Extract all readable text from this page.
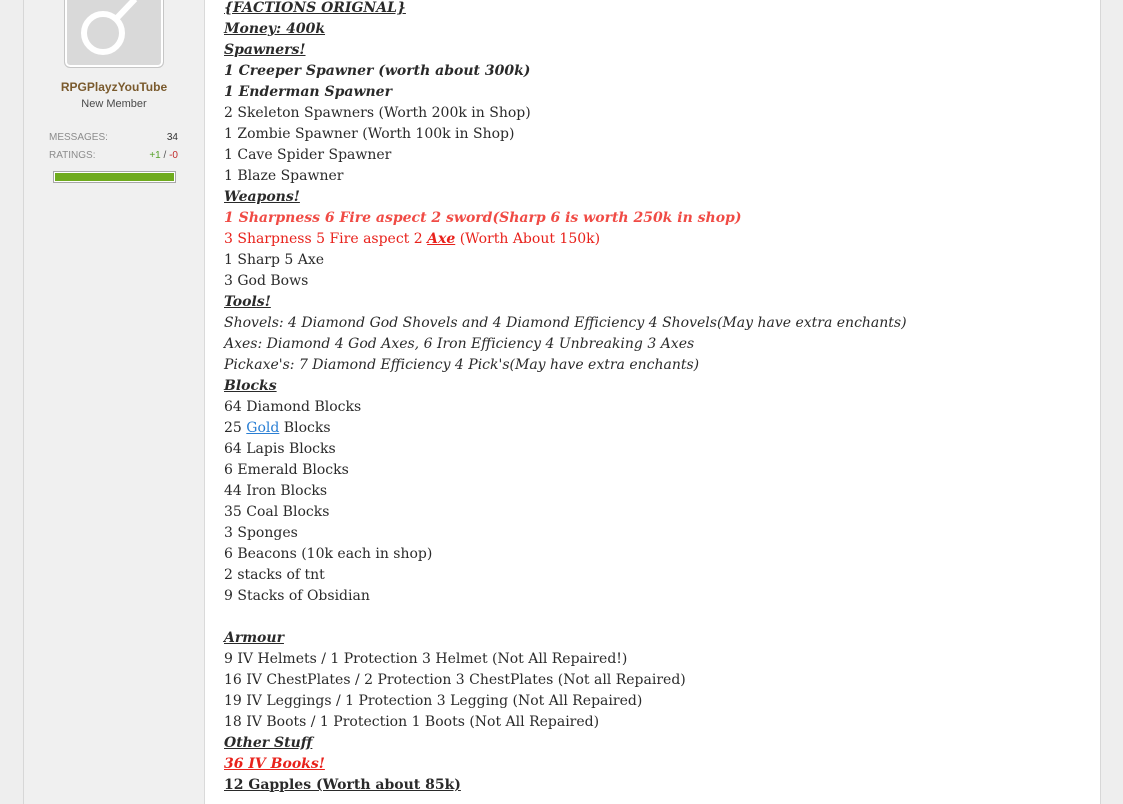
RPGPlayzYouTube
New Member
MESSAGES:	34
RATINGS:	+1 / -0
{FACTIONS ORIGNAL}
Money: 400k
Spawners!
1 Creeper Spawner (worth about 300k)
1 Enderman Spawner
2 Skeleton Spawners (Worth 200k in Shop)
1 Zombie Spawner (Worth 100k in Shop)
1 Cave Spider Spawner
1 Blaze Spawner
Weapons!
1 Sharpness 6 Fire aspect 2 sword(Sharp 6 is worth 250k in shop)
3 Sharpness 5 Fire aspect 2 Axe (Worth About 150k)
1 Sharp 5 Axe
3 God Bows
Tools!
Shovels: 4 Diamond God Shovels and 4 Diamond Efficiency 4 Shovels(May have extra enchants)
Axes: Diamond 4 God Axes, 6 Iron Efficiency 4 Unbreaking 3 Axes
Pickaxe's: 7 Diamond Efficiency 4 Pick's(May have extra enchants)
Blocks
64 Diamond Blocks
25 Gold Blocks
64 Lapis Blocks
6 Emerald Blocks
44 Iron Blocks
35 Coal Blocks
3 Sponges
6 Beacons (10k each in shop)
2 stacks of tnt
9 Stacks of Obsidian
Armour
9 IV Helmets / 1 Protection 3 Helmet (Not All Repaired!)
16 IV ChestPlates / 2 Protection 3 ChestPlates (Not all Repaired)
19 IV Leggings / 1 Protection 3 Legging (Not All Repaired)
18 IV Boots / 1 Protection 1 Boots (Not All Repaired)
Other Stuff
36 IV Books!
12 Gapples (Worth about 85k)
